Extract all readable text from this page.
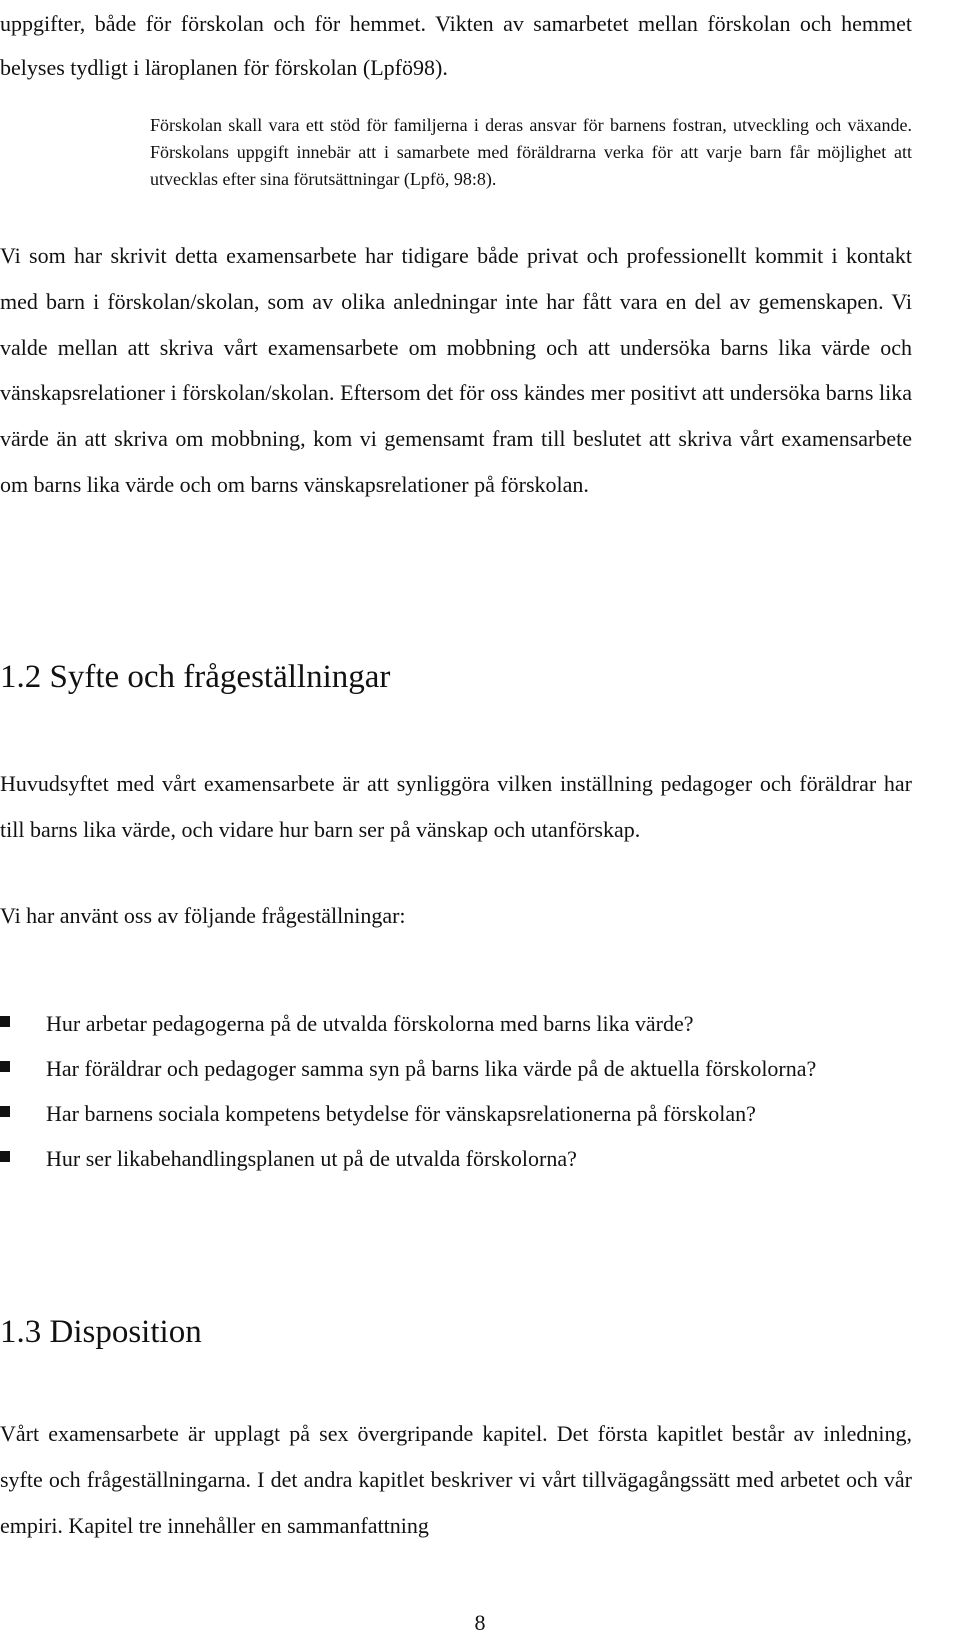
uppgifter, både för förskolan och för hemmet. Vikten av samarbetet mellan förskolan och hemmet belyses tydligt i läroplanen för förskolan (Lpfö98).

Förskolan skall vara ett stöd för familjerna i deras ansvar för barnens fostran, utveckling och växande. Förskolans uppgift innebär att i samarbete med föräldrarna verka för att varje barn får möjlighet att utvecklas efter sina förutsättningar (Lpfö, 98:8).

Vi som har skrivit detta examensarbete har tidigare både privat och professionellt kommit i kontakt med barn i förskolan/skolan, som av olika anledningar inte har fått vara en del av gemenskapen. Vi valde mellan att skriva vårt examensarbete om mobbning och att undersöka barns lika värde och vänskapsrelationer i förskolan/skolan. Eftersom det för oss kändes mer positivt att undersöka barns lika värde än att skriva om mobbning, kom vi gemensamt fram till beslutet att skriva vårt examensarbete om barns lika värde och om barns vänskapsrelationer på förskolan.

1.2 Syfte och frågeställningar

Huvudsyftet med vårt examensarbete är att synliggöra vilken inställning pedagoger och föräldrar har till barns lika värde, och vidare hur barn ser på vänskap och utanförskap.

Vi har använt oss av följande frågeställningar:

Hur arbetar pedagogerna på de utvalda förskolorna med barns lika värde?
Har föräldrar och pedagoger samma syn på barns lika värde på de aktuella förskolorna?
Har barnens sociala kompetens betydelse för vänskapsrelationerna på förskolan?
Hur ser likabehandlingsplanen ut på de utvalda förskolorna?
1.3 Disposition

Vårt examensarbete är upplagt på sex övergripande kapitel. Det första kapitlet består av inledning, syfte och frågeställningarna. I det andra kapitlet beskriver vi vårt tillvägagångssätt med arbetet och vår empiri. Kapitel tre innehåller en sammanfattning

8
